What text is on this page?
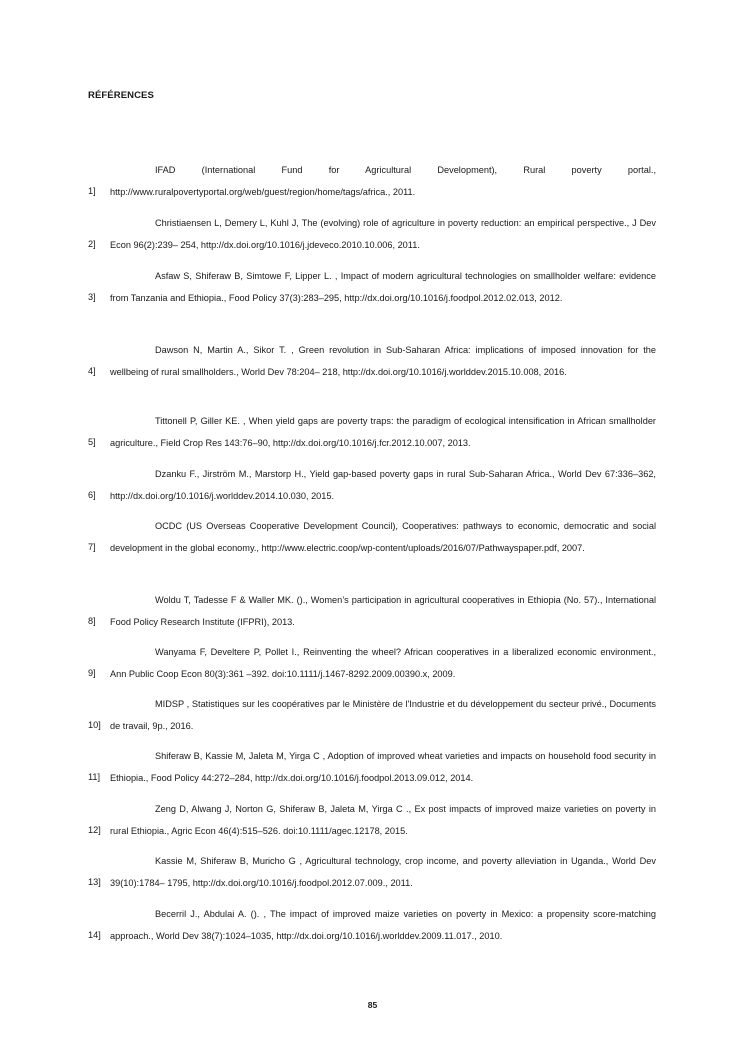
RÉFÉRENCES
1]
IFAD (International Fund for Agricultural Development), Rural poverty portal., http://www.ruralpovertyportal.org/web/guest/region/home/tags/africa., 2011.
2]
Christiaensen L, Demery L, Kuhl J, The (evolving) role of agriculture in poverty reduction: an empirical perspective., J Dev Econ 96(2):239– 254, http://dx.doi.org/10.1016/j.jdeveco.2010.10.006, 2011.
3]
Asfaw S, Shiferaw B, Simtowe F, Lipper L. , Impact of modern agricultural technologies on smallholder welfare: evidence from Tanzania and Ethiopia., Food Policy 37(3):283–295, http://dx.doi.org/10.1016/j.foodpol.2012.02.013, 2012.
4]
Dawson N, Martin A., Sikor T. , Green revolution in Sub-Saharan Africa: implications of imposed innovation for the wellbeing of rural smallholders., World Dev 78:204– 218, http://dx.doi.org/10.1016/j.worlddev.2015.10.008, 2016.
5]
Tittonell P, Giller KE. , When yield gaps are poverty traps: the paradigm of ecological intensification in African smallholder agriculture., Field Crop Res 143:76–90, http://dx.doi.org/10.1016/j.fcr.2012.10.007, 2013.
6]
Dzanku F., Jirström M., Marstorp H., Yield gap-based poverty gaps in rural Sub-Saharan Africa., World Dev 67:336–362, http://dx.doi.org/10.1016/j.worlddev.2014.10.030, 2015.
7]
OCDC (US Overseas Cooperative Development Council), Cooperatives: pathways to economic, democratic and social development in the global economy., http://www.electric.coop/wp-content/uploads/2016/07/Pathwayspaper.pdf, 2007.
8]
Woldu T, Tadesse F & Waller MK. ()., Women’s participation in agricultural cooperatives in Ethiopia (No. 57)., International Food Policy Research Institute (IFPRI), 2013.
9]
Wanyama F, Develtere P, Pollet I., Reinventing the wheel? African cooperatives in a liberalized economic environment., Ann Public Coop Econ 80(3):361 –392. doi:10.1111/j.1467-8292.2009.00390.x, 2009.
10]
MIDSP , Statistiques sur les coopératives par le Ministère de l'Industrie et du développement du secteur privé., Documents de travail, 9p., 2016.
11]
Shiferaw B, Kassie M, Jaleta M, Yirga C , Adoption of improved wheat varieties and impacts on household food security in Ethiopia., Food Policy 44:272–284, http://dx.doi.org/10.1016/j.foodpol.2013.09.012, 2014.
12]
Zeng D, Alwang J, Norton G, Shiferaw B, Jaleta M, Yirga C ., Ex post impacts of improved maize varieties on poverty in rural Ethiopia., Agric Econ 46(4):515–526. doi:10.1111/agec.12178, 2015.
13]
Kassie M, Shiferaw B, Muricho G , Agricultural technology, crop income, and poverty alleviation in Uganda., World Dev 39(10):1784– 1795, http://dx.doi.org/10.1016/j.foodpol.2012.07.009., 2011.
14]
Becerril J., Abdulai A. (). , The impact of improved maize varieties on poverty in Mexico: a propensity score-matching approach., World Dev 38(7):1024–1035, http://dx.doi.org/10.1016/j.worlddev.2009.11.017., 2010.
85
